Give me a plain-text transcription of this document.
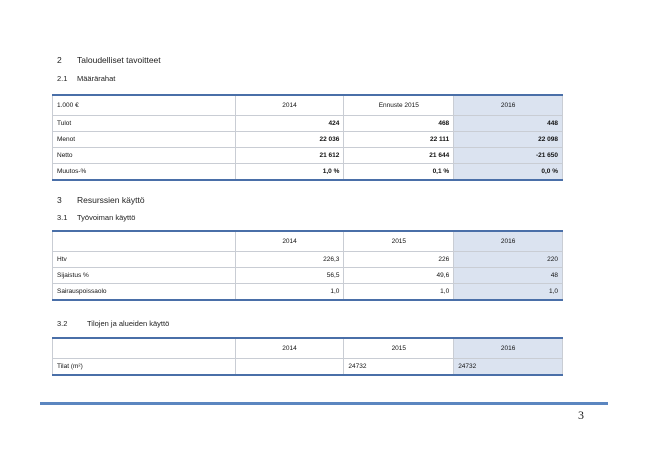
2 Taloudelliset tavoitteet
2.1 Määrärahat
1.000 €	2014	Ennuste 2015	2016
Tulot	424	468	448
Menot	22 036	22 111	22 098
Netto	21 612	21 644	-21 650
Muutos-%	1,0 %	0,1 %	0,0 %
3 Resurssien käyttö
3.1 Työvoiman käyttö
	2014	2015	2016
Htv	226,3	226	220
Sijaistus %	56,5	49,6	48
Sairauspoissaolo	1,0	1,0	1,0
3.2	Tilojen ja alueiden käyttö
	2014	2015	2016
Tilat (m²)		24732	24732
3
